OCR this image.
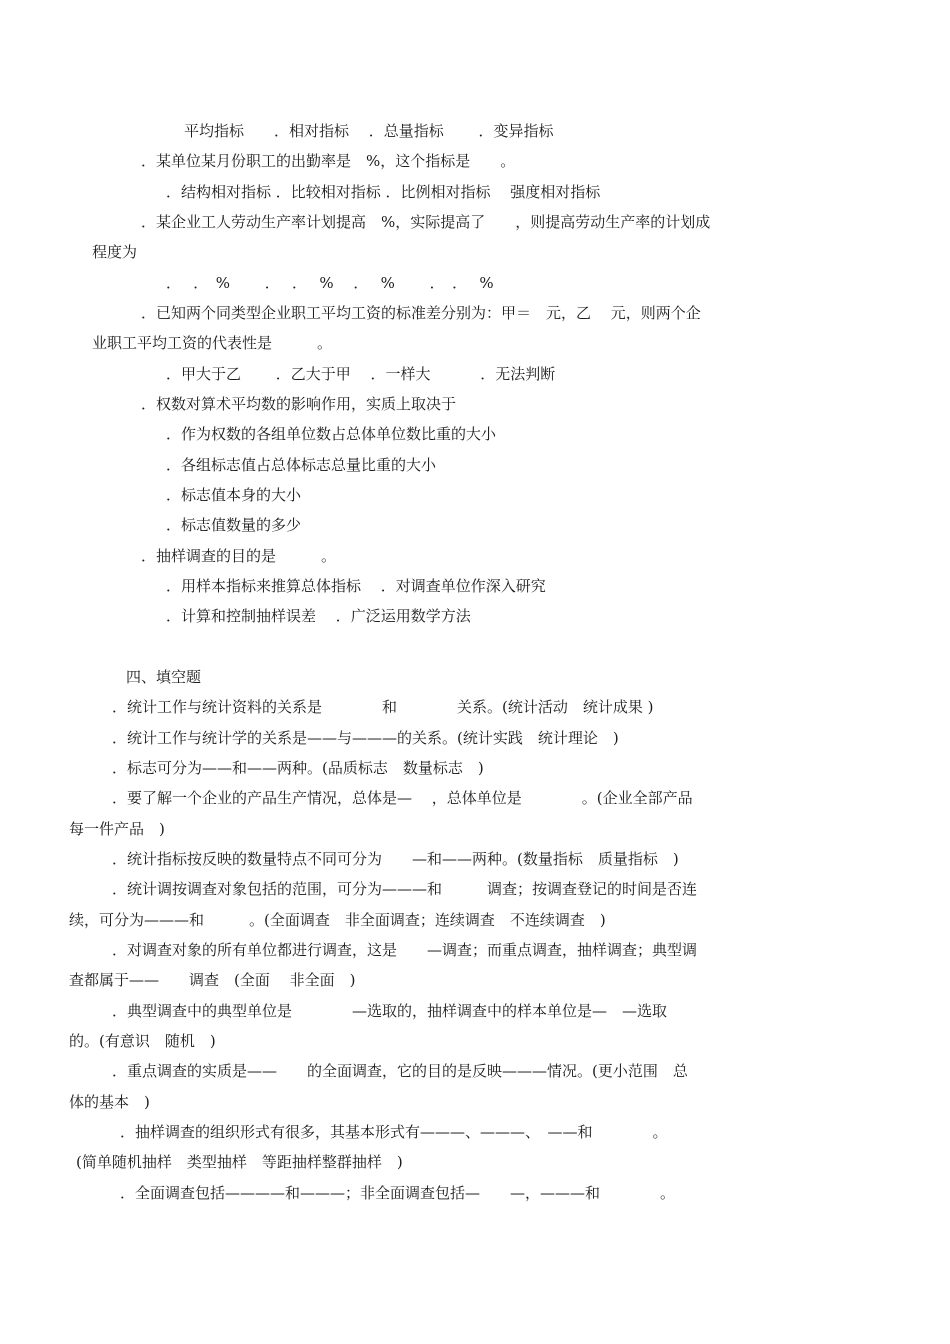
平均指标　　．相对指标　 ．总量指标　　 ．变异指标
．某单位某月份职工的出勤率是　%，这个指标是　　。
．结构相对指标 ．比较相对指标 ．比例相对指标　 强度相对指标
．某企业工人劳动生产率计划提高　%，实际提高了　　，则提高劳动生产率的计划成
程度为
．　 ．　%　　 ．　 ．　 %　 ．　 %　　 ．　．　 %
．已知两个同类型企业职工平均工资的标准差分别为：甲＝　元，乙　 元，则两个企
业职工平均工资的代表性是　　　。
．甲大于乙　　 ．乙大于甲　 ．一样大　　　 ．无法判断
．权数对算术平均数的影响作用，实质上取决于
．作为权数的各组单位数占总体单位数比重的大小
．各组标志值占总体标志总量比重的大小
．标志值本身的大小
．标志值数量的多少
．抽样调查的目的是　　　。
．用样本指标来推算总体指标　 ．对调查单位作深入研究
．计算和控制抽样误差　 ．广泛运用数学方法
四、填空题
．统计工作与统计资料的关系是　　　　和　　　　关系。(统计活动　统计成果 )
．统计工作与统计学的关系是——与———的关系。(统计实践　统计理论　)
．标志可分为——和——两种。(品质标志　数量标志　)
．要了解一个企业的产品生产情况，总体是—　 ，总体单位是　　　　。(企业全部产品
每一件产品　)
．统计指标按反映的数量特点不同可分为　　—和——两种。(数量指标　质量指标　)
．统计调按调查对象包括的范围，可分为———和　　　调查；按调查登记的时间是否连
续，可分为———和　　　。(全面调查　非全面调查；连续调查　不连续调查　)
．对调查对象的所有单位都进行调查，这是　　—调查；而重点调查，抽样调查；典型调
查都属于——　　调查　(全面　 非全面　)
．典型调查中的典型单位是　　　　—选取的，抽样调查中的样本单位是—　—选取
的。(有意识　随机　)
．重点调查的实质是——　　的全面调查，它的目的是反映———情况。(更小范围　总
体的基本　)
．抽样调查的组织形式有很多，其基本形式有———、———、　——和　　　　。
(简单随机抽样　类型抽样　等距抽样整群抽样　)
．全面调查包括————和———；非全面调查包括—　　—，———和　　　　。
